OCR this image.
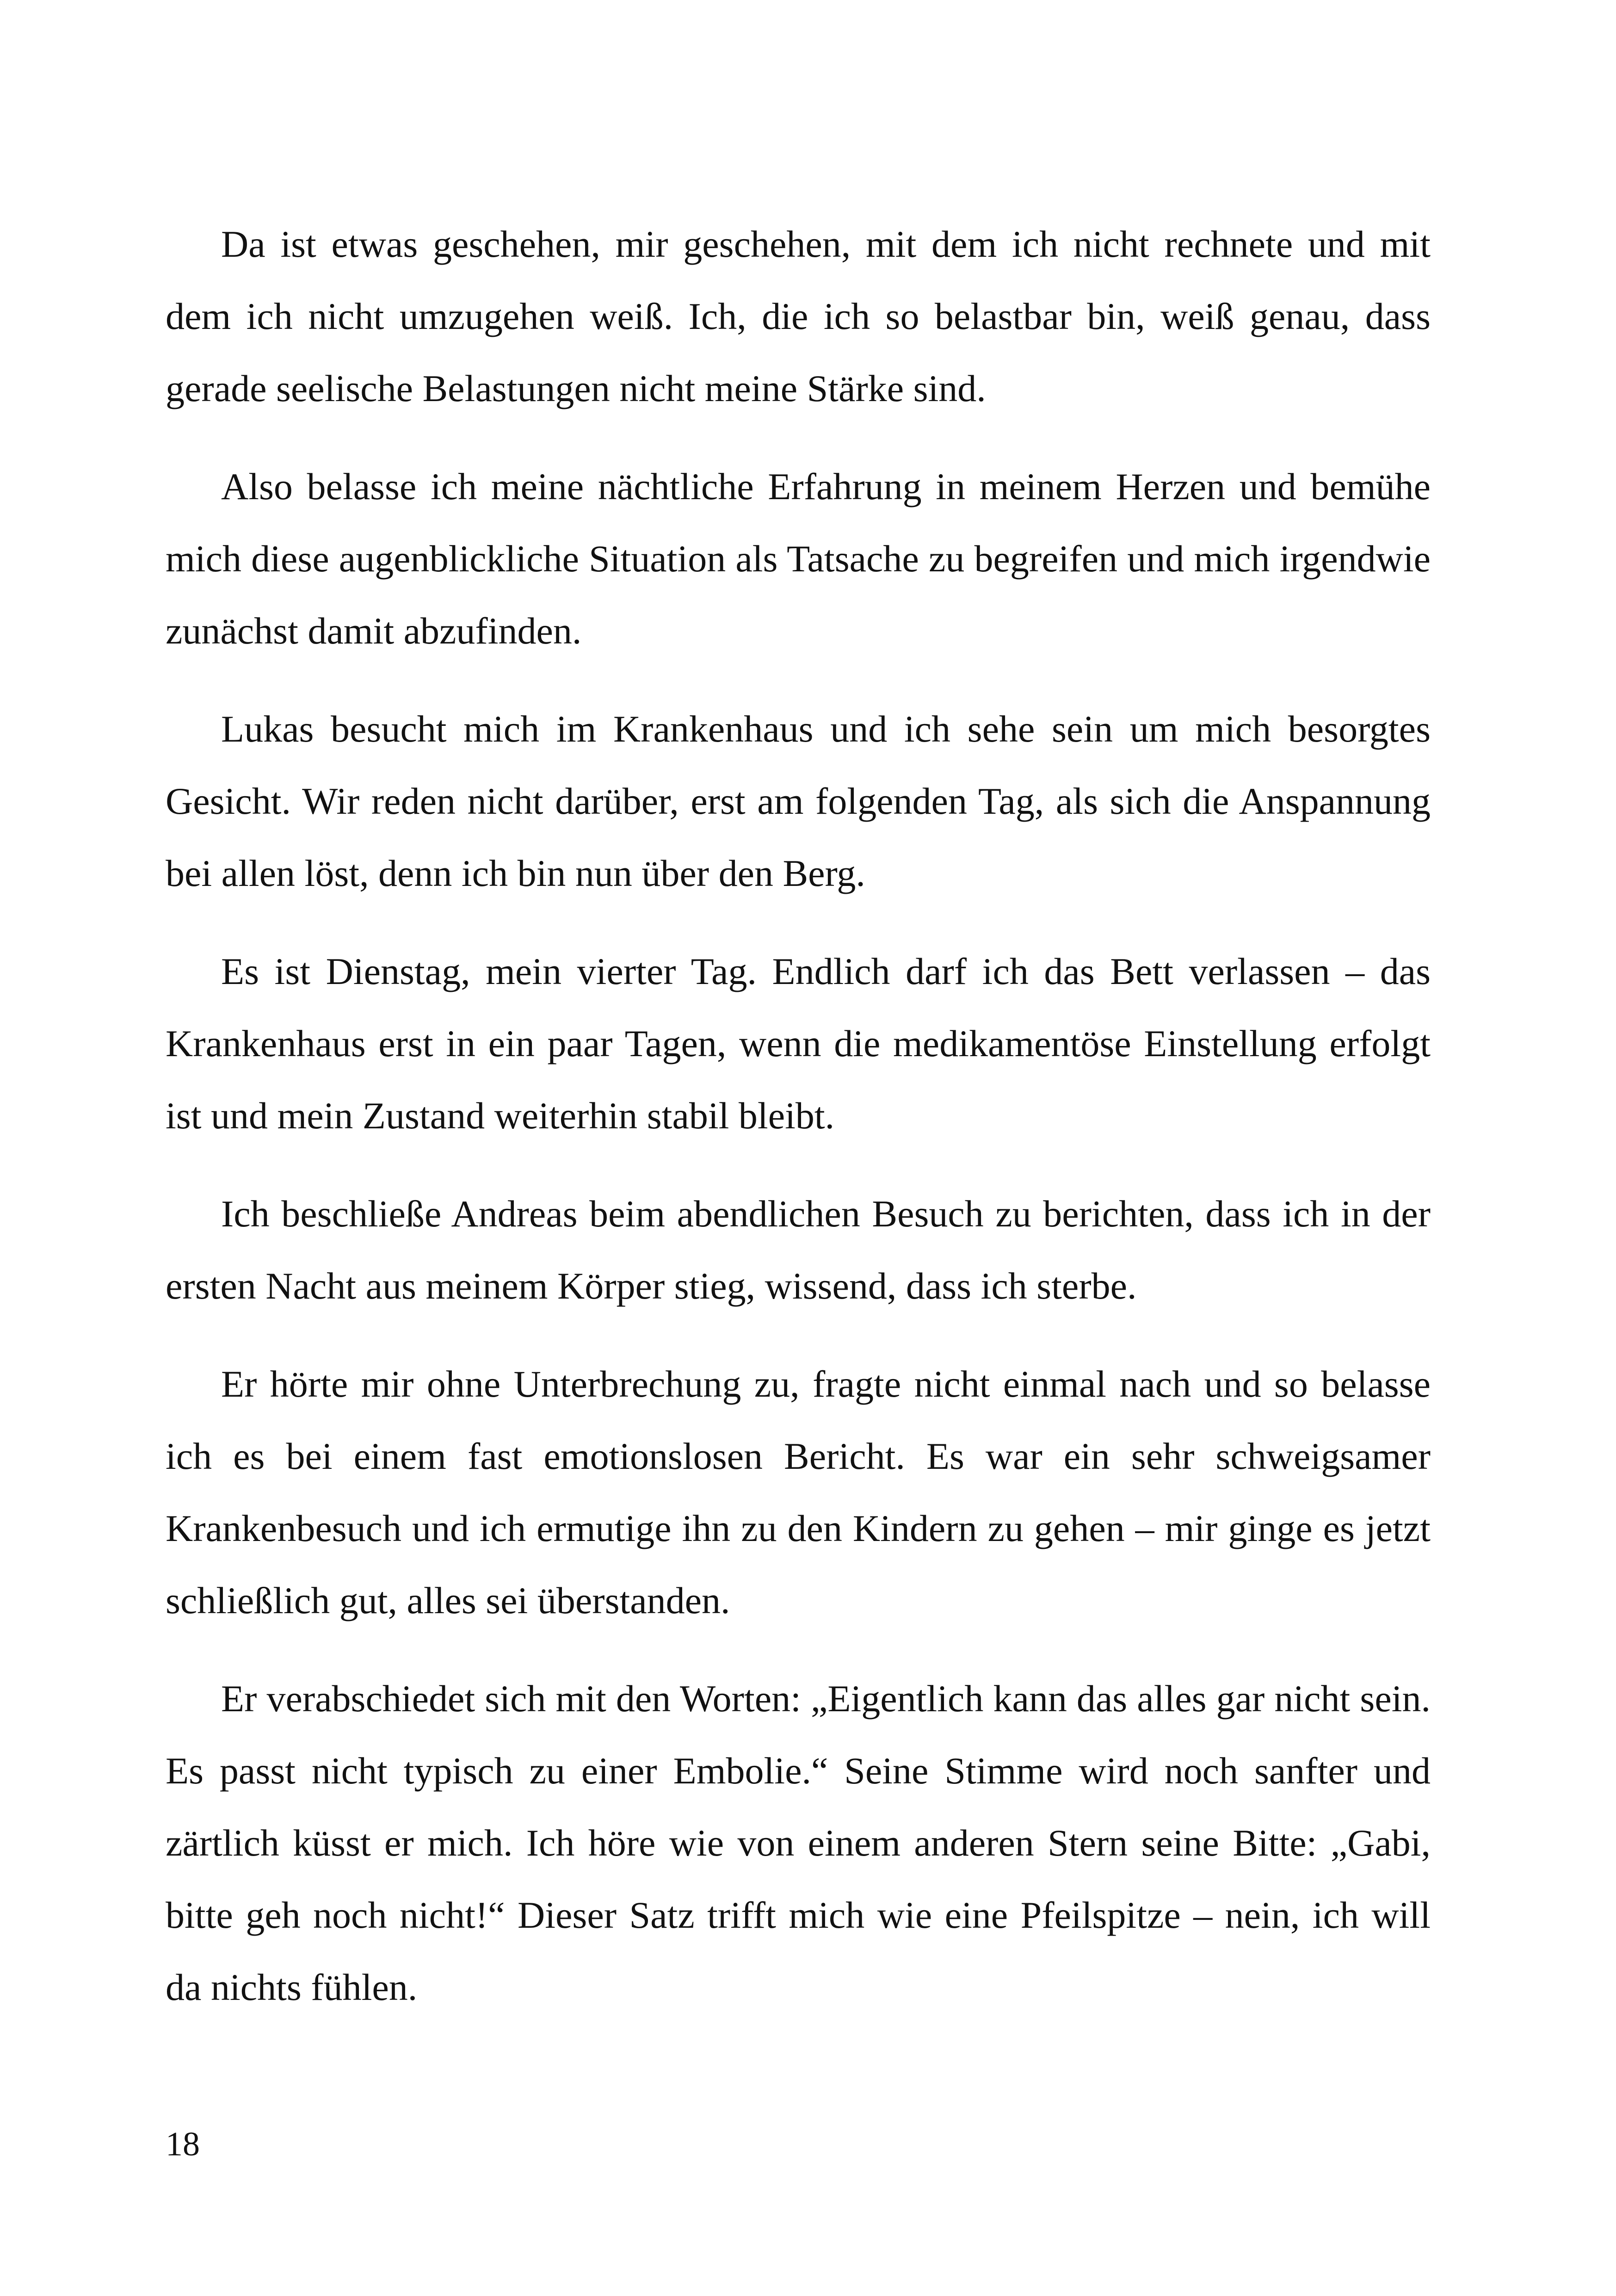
Da ist etwas geschehen, mir geschehen, mit dem ich nicht rechnete und mit dem ich nicht umzugehen weiß. Ich, die ich so belastbar bin, weiß genau, dass gerade seelische Belastungen nicht meine Stärke sind.

Also belasse ich meine nächtliche Erfahrung in meinem Herzen und bemühe mich diese augenblickliche Situation als Tatsache zu begreifen und mich irgendwie zunächst damit abzufinden.

Lukas besucht mich im Krankenhaus und ich sehe sein um mich besorgtes Gesicht. Wir reden nicht darüber, erst am folgenden Tag, als sich die Anspannung bei allen löst, denn ich bin nun über den Berg.

Es ist Dienstag, mein vierter Tag. Endlich darf ich das Bett verlassen – das Krankenhaus erst in ein paar Tagen, wenn die medikamentöse Einstellung erfolgt ist und mein Zustand weiterhin stabil bleibt.

Ich beschließe Andreas beim abendlichen Besuch zu berichten, dass ich in der ersten Nacht aus meinem Körper stieg, wissend, dass ich sterbe.

Er hörte mir ohne Unterbrechung zu, fragte nicht einmal nach und so belasse ich es bei einem fast emotionslosen Bericht. Es war ein sehr schweigsamer Krankenbesuch und ich ermutige ihn zu den Kindern zu gehen – mir ginge es jetzt schließlich gut, alles sei überstanden.

Er verabschiedet sich mit den Worten: „Eigentlich kann das alles gar nicht sein. Es passt nicht typisch zu einer Embolie.“ Seine Stimme wird noch sanfter und zärtlich küsst er mich. Ich höre wie von einem anderen Stern seine Bitte: „Gabi, bitte geh noch nicht!“ Dieser Satz trifft mich wie eine Pfeilspitze – nein, ich will da nichts fühlen.

18
